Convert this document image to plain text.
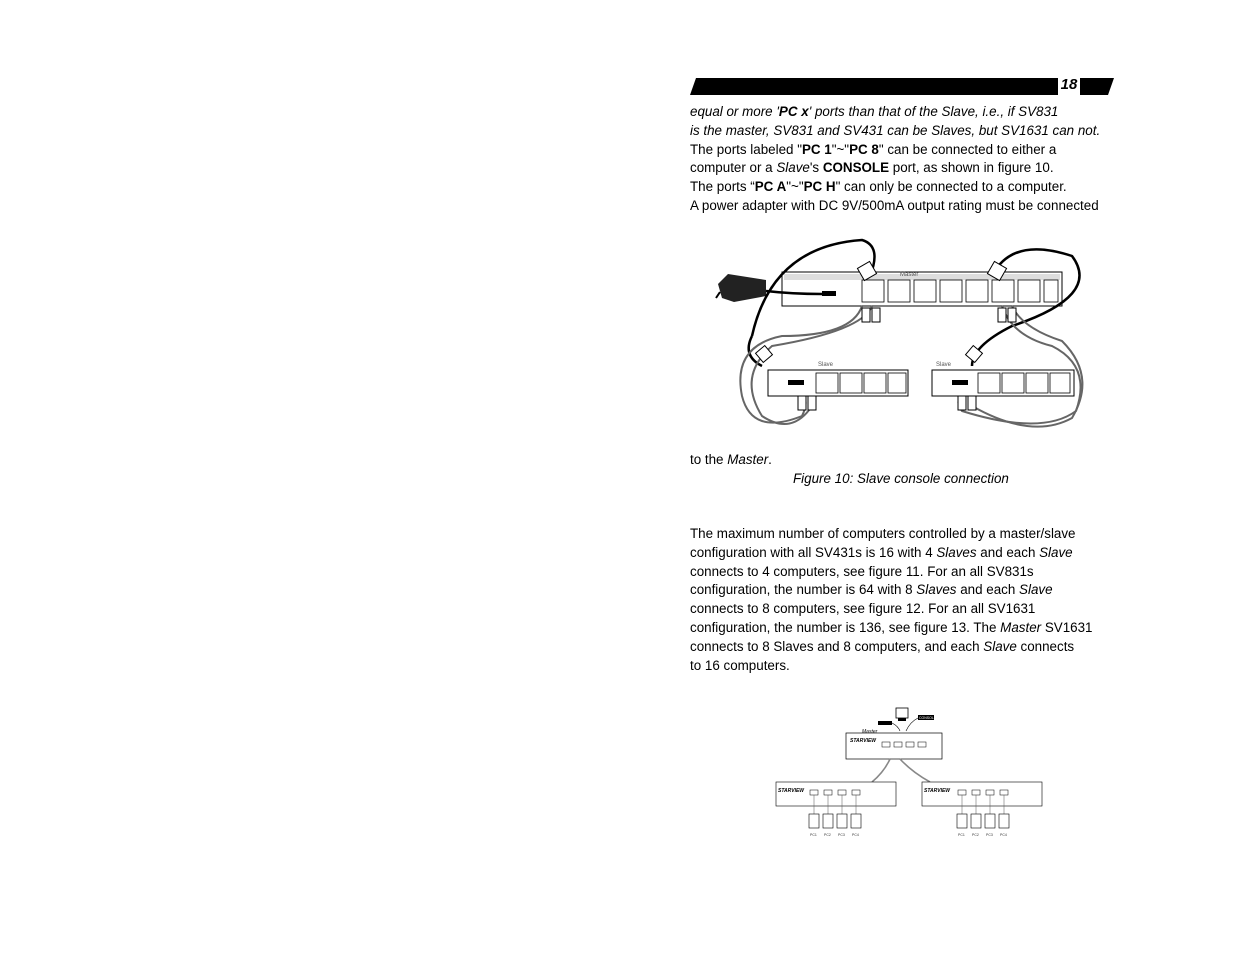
18
equal or more 'PC x' ports than that of the Slave, i.e., if SV831
is the master, SV831 and SV431 can be Slaves, but SV1631 can not.
The ports labeled "PC 1"~"PC 8" can be connected to either a
computer or a Slave's CONSOLE port, as shown in figure 10.
The ports “PC A"~"PC H" can only be connected to a computer.
A power adapter with DC 9V/500mA output rating must be connected
to the Master.
Master
Slave	Slave
Figure 10: Slave console connection
The maximum number of computers controlled by a master/slave
configuration with all SV431s is 16 with 4 Slaves and each Slave
connects to 4 computers, see figure 11. For an all SV831s
configuration, the number is 64 with 8 Slaves and each Slave
connects to 8 computers, see figure 12. For an all SV1631
configuration, the number is 136, see figure 13. The Master SV1631
connects to 8 Slaves and 8 computers, and each Slave connects
to 16 computers.
CONSOLE
Master
STARVIEW
STARVIEW	STARVIEW
PC1 PC2 PC3 PC4	PC1 PC2 PC3 PC4
